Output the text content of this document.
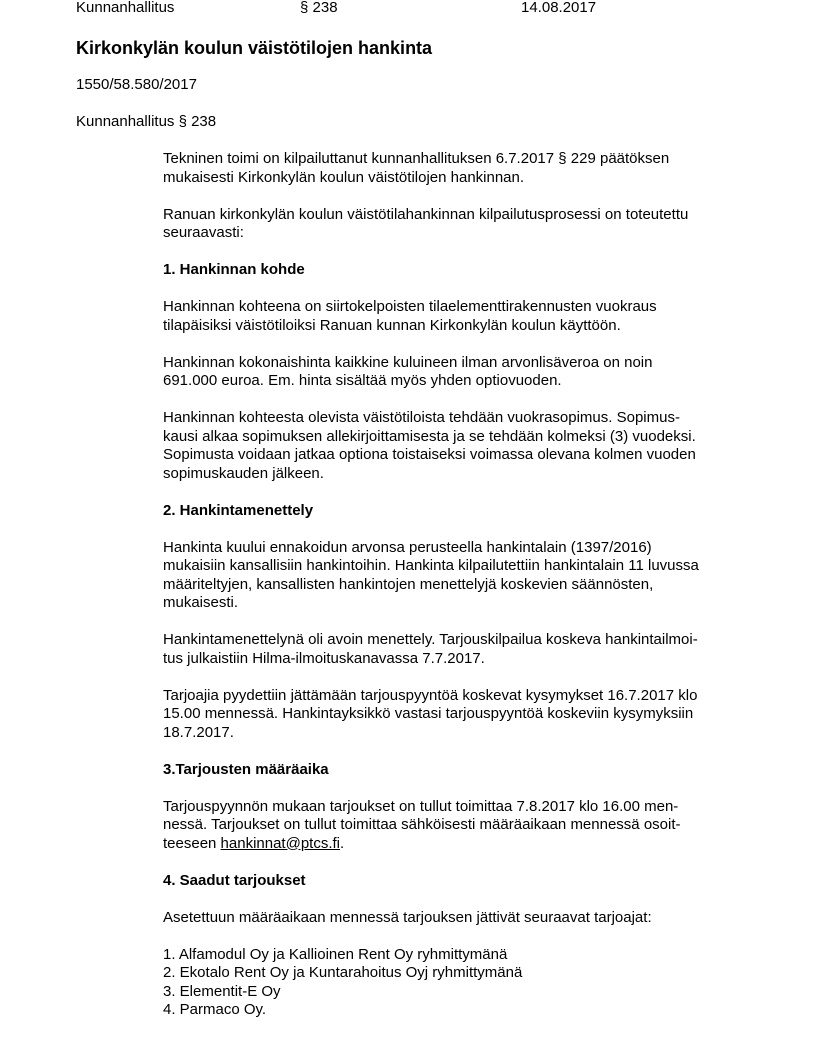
Kunnanhallitus	§ 238	14.08.2017
Kirkonkylän koulun väistötilojen hankinta
1550/58.580/2017
Kunnanhallitus § 238

Tekninen toimi on kilpailuttanut kunnanhallituksen 6.7.2017 § 229 päätöksen
mukaisesti Kirkonkylän koulun väistötilojen hankinnan.

Ranuan kirkonkylän koulun väistötilahankinnan kilpailutusprosessi on toteutettu
seuraavasti:

1. Hankinnan kohde

Hankinnan kohteena on siirtokelpoisten tilaelementtirakennusten vuokraus
tilapäisiksi väistötiloiksi Ranuan kunnan Kirkonkylän koulun käyttöön.

Hankinnan kokonaishinta kaikkine kuluineen ilman arvonlisäveroa on noin
691.000 euroa. Em. hinta sisältää myös yhden optiovuoden.

Hankinnan kohteesta olevista väistötiloista tehdään vuokrasopimus. Sopimus-
kausi alkaa sopimuksen allekirjoittamisesta ja se tehdään kolmeksi (3) vuodeksi.
Sopimusta voidaan jatkaa optiona toistaiseksi voimassa olevana kolmen vuoden
sopimuskauden jälkeen.

2. Hankintamenettely

Hankinta kuului ennakoidun arvonsa perusteella hankintalain (1397/2016)
mukaisiin kansallisiin hankintoihin. Hankinta kilpailutettiin hankintalain 11 luvussa
määriteltyjen, kansallisten hankintojen menettelyjä koskevien säännösten,
mukaisesti.

Hankintamenettelynä oli avoin menettely. Tarjouskilpailua koskeva hankintailmoi-
tus julkaistiin Hilma-ilmoituskanavassa 7.7.2017.

Tarjoajia pyydettiin jättämään tarjouspyyntöä koskevat kysymykset 16.7.2017 klo
15.00 mennessä. Hankintayksikkö vastasi tarjouspyyntöä koskeviin kysymyksiin
18.7.2017.

3.Tarjousten määräaika

Tarjouspyynnön mukaan tarjoukset on tullut toimittaa 7.8.2017 klo 16.00 men-
nessä. Tarjoukset on tullut toimittaa sähköisesti määräaikaan mennessä osoit-
teeseen hankinnat@ptcs.fi.

4. Saadut tarjoukset

Asetettuun määräaikaan mennessä tarjouksen jättivät seuraavat tarjoajat:

1. Alfamodul Oy ja Kallioinen Rent Oy ryhmittymänä
2. Ekotalo Rent Oy ja Kuntarahoitus Oyj ryhmittymänä
3. Elementit-E Oy
4. Parmaco Oy.
